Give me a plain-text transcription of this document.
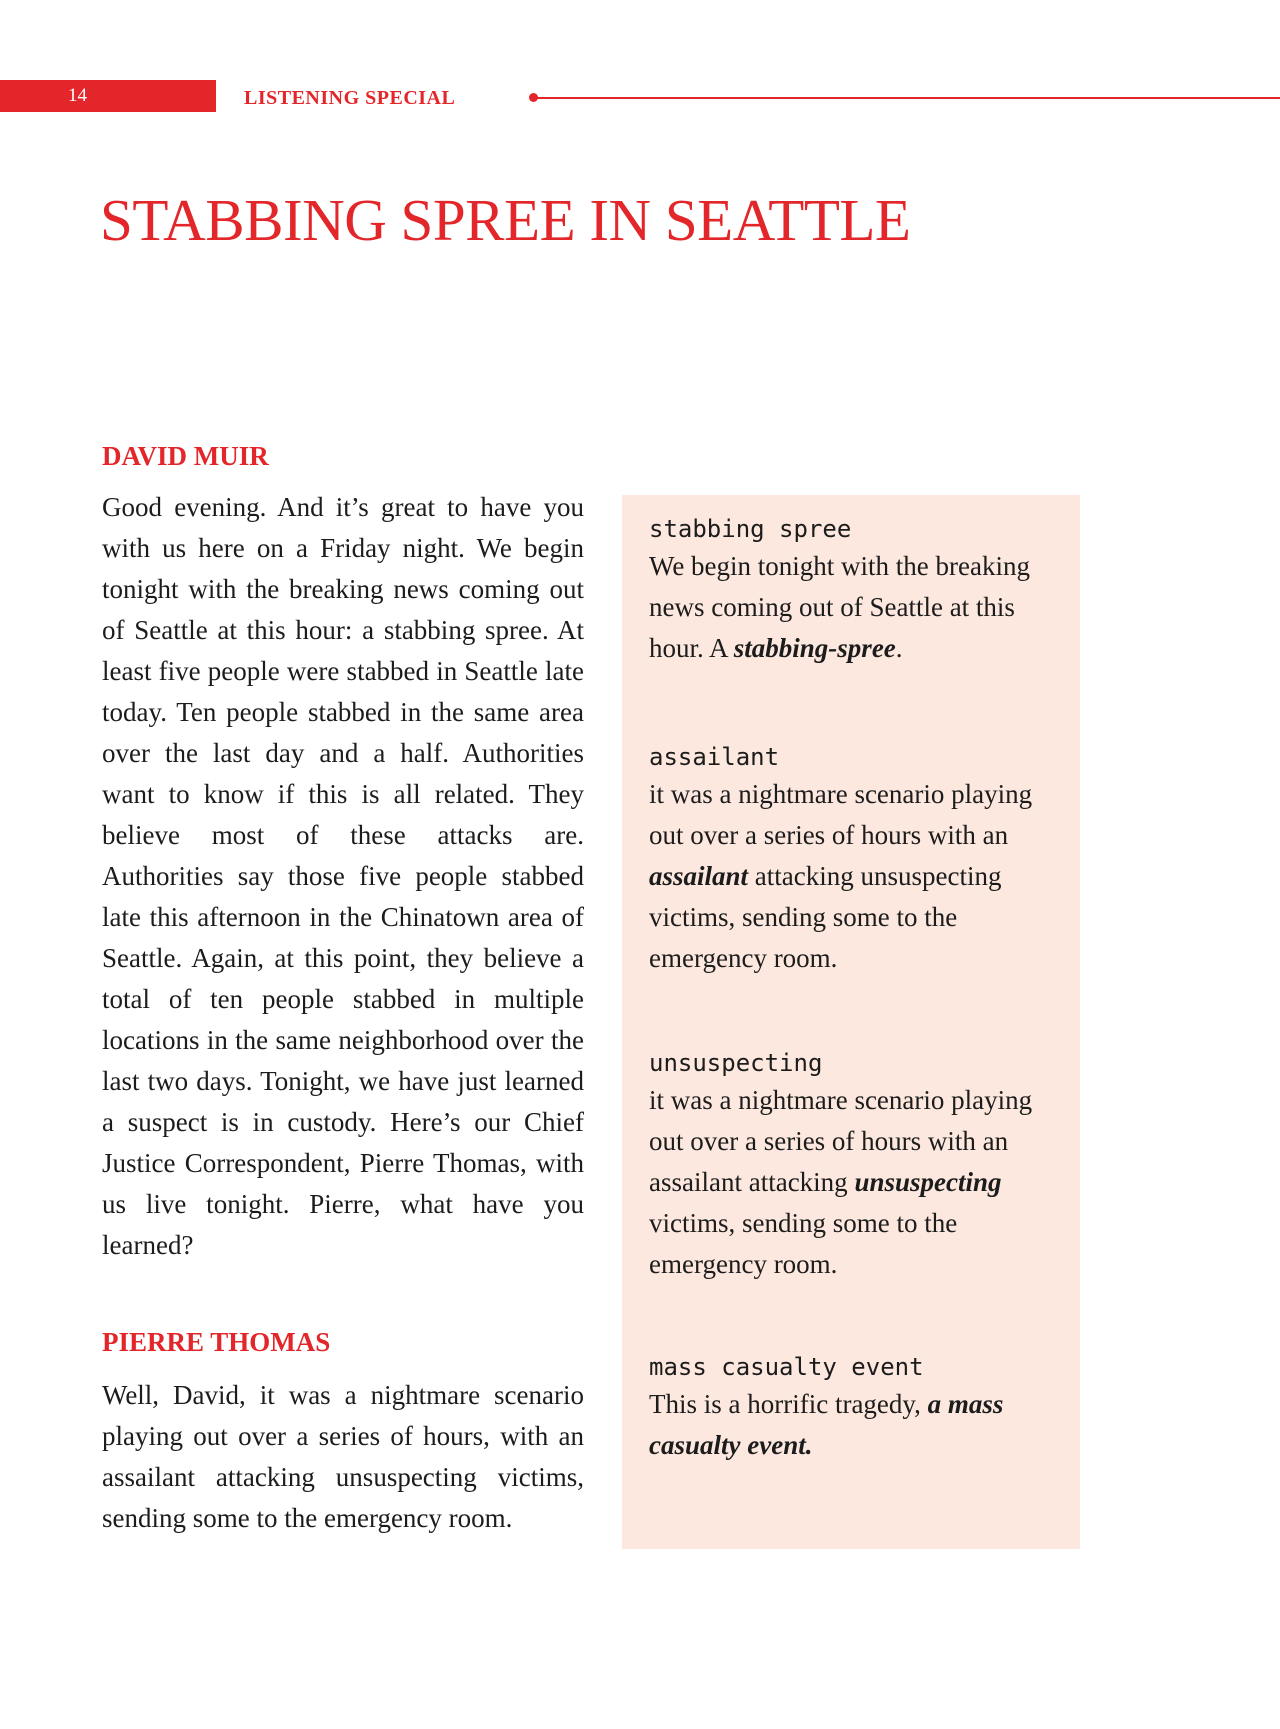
14	LISTENING SPECIAL
STABBING SPREE IN SEATTLE
DAVID MUIR

Good evening. And it’s great to have you with us here on a Friday night. We begin tonight with the breaking news coming out of Seattle at this hour: a stabbing spree. At least five people were stabbed in Seattle late today. Ten people stabbed in the same area over the last day and a half. Authorities want to know if this is all related. They believe most of these attacks are. Authorities say those five people stabbed late this afternoon in the Chinatown area of Seattle. Again, at this point, they believe a total of ten people stabbed in multiple locations in the same neighborhood over the last two days. Tonight, we have just learned a suspect is in custody. Here’s our Chief Justice Correspondent, Pierre Thomas, with us live tonight. Pierre, what have you learned?

PIERRE THOMAS

Well, David, it was a nightmare scenario playing out over a series of hours, with an assailant attacking unsuspecting victims, sending some to the emergency room.

stabbing spree
We begin tonight with the breaking news coming out of Seattle at this hour. A stabbing-spree.
assailant
it was a nightmare scenario playing out over a series of hours with an assailant attacking unsuspecting victims, sending some to the emergency room.
unsuspecting
it was a nightmare scenario playing out over a series of hours with an assailant attacking unsuspecting victims, sending some to the emergency room.
mass casualty event
This is a horrific tragedy, a mass casualty event.
